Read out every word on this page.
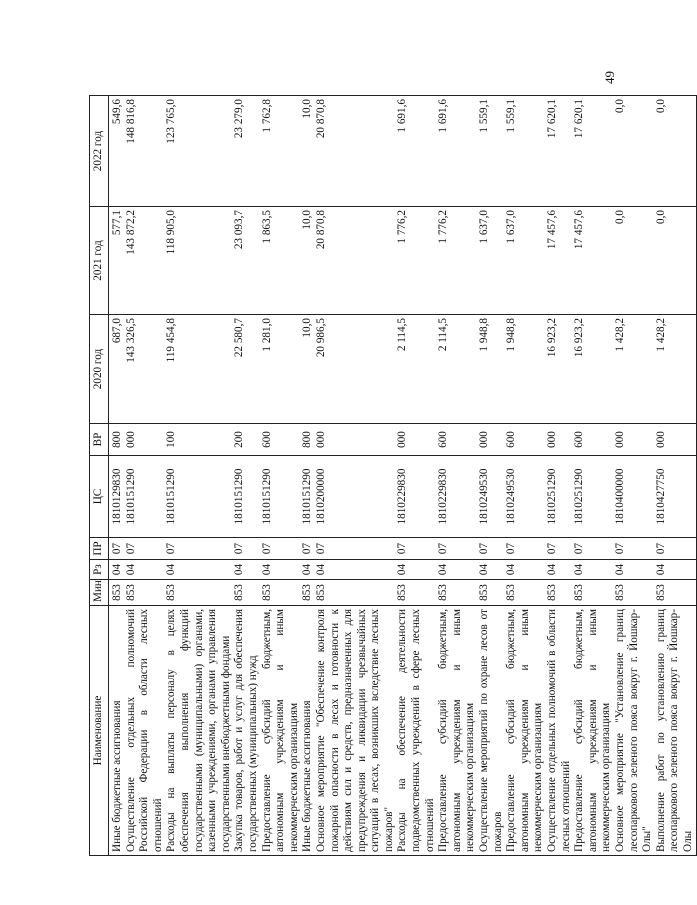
49
Наименование	Мин	Рз	ПР	ЦС	ВР	2020 год	2021 год	2022 год
Иные бюджетные ассигнования	853	04	07	1810129830	800	687,0	577,1	549,6
Осуществление отдельных полномочий Российской Федерации в области лесных отношений	853	04	07	1810151290	000	143 326,5	143 872,2	148 816,8
Расходы на выплаты персоналу в целях обеспечения выполнения функций государственными (муниципальными) органами, казенными учреждениями, органами управления государственными внебюджетными фондами	853	04	07	1810151290	100	119 454,8	118 905,0	123 765,0
Закупка товаров, работ и услуг для обеспечения государственных (муниципальных) нужд	853	04	07	1810151290	200	22 580,7	23 093,7	23 279,0
Предоставление субсидий бюджетным, автономным учреждениям и иным некоммерческим организациям	853	04	07	1810151290	600	1 281,0	1 863,5	1 762,8
Иные бюджетные ассигнования	853	04	07	1810151290	800	10,0	10,0	10,0
Основное мероприятие "Обеспечение контроля пожарной опасности в лесах и готовности к действиям сил и средств, предназначенных для предупреждения и ликвидации чрезвычайных ситуаций в лесах, возникших вследствие лесных пожаров"	853	04	07	1810200000	000	20 986,5	20 870,8	20 870,8
Расходы на обеспечение деятельности подведомственных учреждений в сфере лесных отношений	853	04	07	1810229830	000	2 114,5	1 776,2	1 691,6
Предоставление субсидий бюджетным, автономным учреждениям и иным некоммерческим организациям	853	04	07	1810229830	600	2 114,5	1 776,2	1 691,6
Осуществление мероприятий по охране лесов от пожаров	853	04	07	1810249530	000	1 948,8	1 637,0	1 559,1
Предоставление субсидий бюджетным, автономным учреждениям и иным некоммерческим организациям	853	04	07	1810249530	600	1 948,8	1 637,0	1 559,1
Осуществление отдельных полномочий в области лесных отношений	853	04	07	1810251290	000	16 923,2	17 457,6	17 620,1
Предоставление субсидий бюджетным, автономным учреждениям и иным некоммерческим организациям	853	04	07	1810251290	600	16 923,2	17 457,6	17 620,1
Основное мероприятие "Установление границ лесопаркового зеленого пояса вокруг г. Йошкар-Олы"	853	04	07	1810400000	000	1 428,2	0,0	0,0
Выполнение работ по установлению границ лесопаркового зеленого пояса вокруг г. Йошкар-Олы	853	04	07	1810427750	000	1 428,2	0,0	0,0
